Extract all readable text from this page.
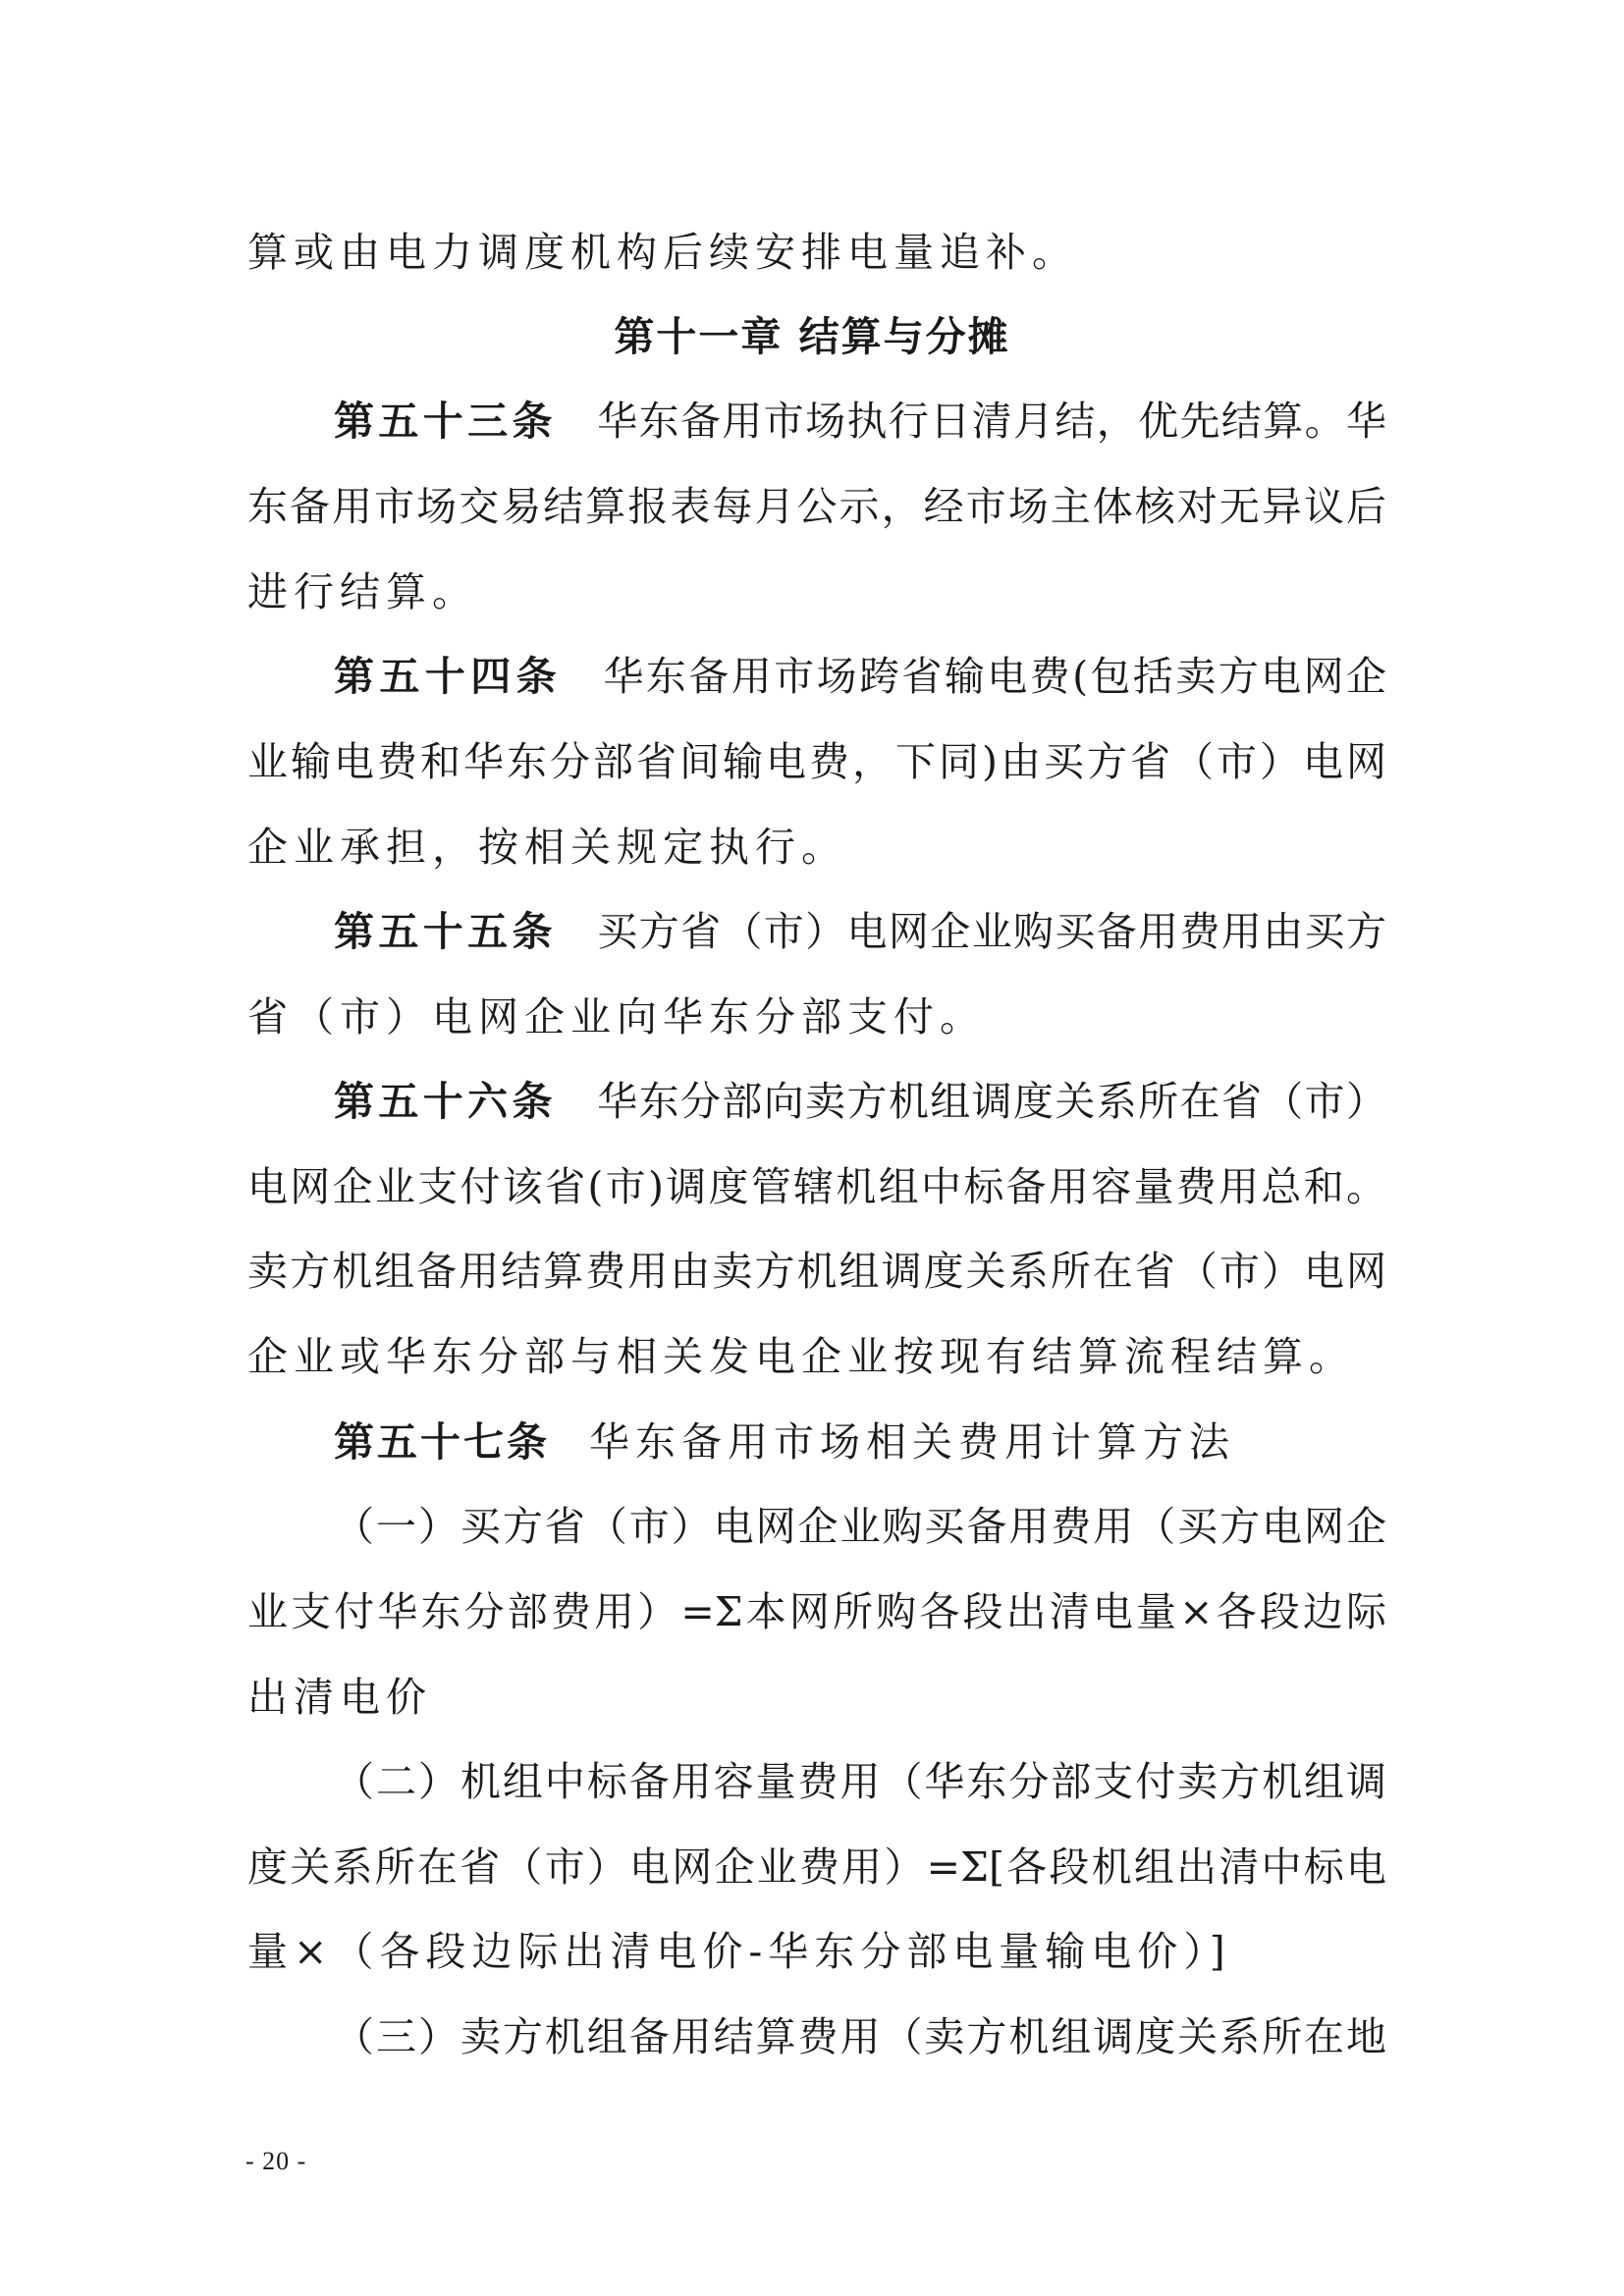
算或由电力调度机构后续安排电量追补。
第十一章 结算与分摊
第五十三条 华东备用市场执行日清月结，优先结算。华
东备用市场交易结算报表每月公示，经市场主体核对无异议后
进行结算。
第五十四条 华东备用市场跨省输电费(包括卖方电网企
业输电费和华东分部省间输电费，下同)由买方省（市）电网
企业承担，按相关规定执行。
第五十五条 买方省（市）电网企业购买备用费用由买方
省（市）电网企业向华东分部支付。
第五十六条 华东分部向卖方机组调度关系所在省（市）
电网企业支付该省(市)调度管辖机组中标备用容量费用总和。
卖方机组备用结算费用由卖方机组调度关系所在省（市）电网
企业或华东分部与相关发电企业按现有结算流程结算。
第五十七条 华东备用市场相关费用计算方法
（一）买方省（市）电网企业购买备用费用（买方电网企
业支付华东分部费用）=Σ本网所购各段出清电量×各段边际
出清电价
（二）机组中标备用容量费用（华东分部支付卖方机组调
度关系所在省（市）电网企业费用）=Σ[各段机组出清中标电
量×（各段边际出清电价-华东分部电量输电价）]
（三）卖方机组备用结算费用（卖方机组调度关系所在地
- 20 -
